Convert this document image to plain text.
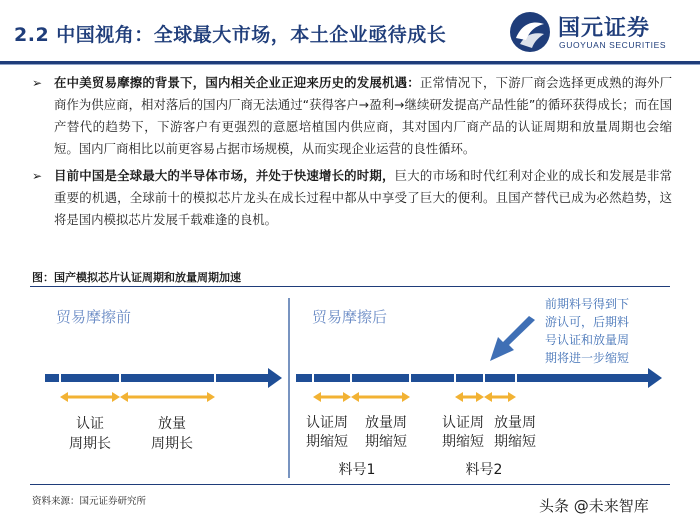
2.2 中国视角：全球最大市场，本土企业亟待成长	国元证券
GUOYUAN SECURITIES
➢ 在中美贸易摩擦的背景下，国内相关企业正迎来历史的发展机遇：正常情况下，下游厂商会选择更成熟的海外厂商作为供应商，相对落后的国内厂商无法通过“获得客户→盈利→继续研发提高产品性能”的循环获得成长；而在国产替代的趋势下，下游客户有更强烈的意愿培植国内供应商，其对国内厂商产品的认证周期和放量周期也会缩短。国内厂商相比以前更容易占据市场规模，从而实现企业运营的良性循环。
➢ 目前中国是全球最大的半导体市场，并处于快速增长的时期，巨大的市场和时代红利对企业的成长和发展是非常重要的机遇，全球前十的模拟芯片龙头在成长过程中都从中享受了巨大的便利。且国产替代已成为必然趋势，这将是国内模拟芯片发展千载难逢的良机。
图：国产模拟芯片认证周期和放量周期加速
贸易摩擦前	贸易摩擦后
认证
周期长
放量
周期长
认证周
期缩短
放量周
期缩短
认证周
期缩短
放量周
期缩短
料号1	料号2
前期料号得到下
游认可，后期料
号认证和放量周
期将进一步缩短
资料来源：国元证券研究所	头条 @未来智库
